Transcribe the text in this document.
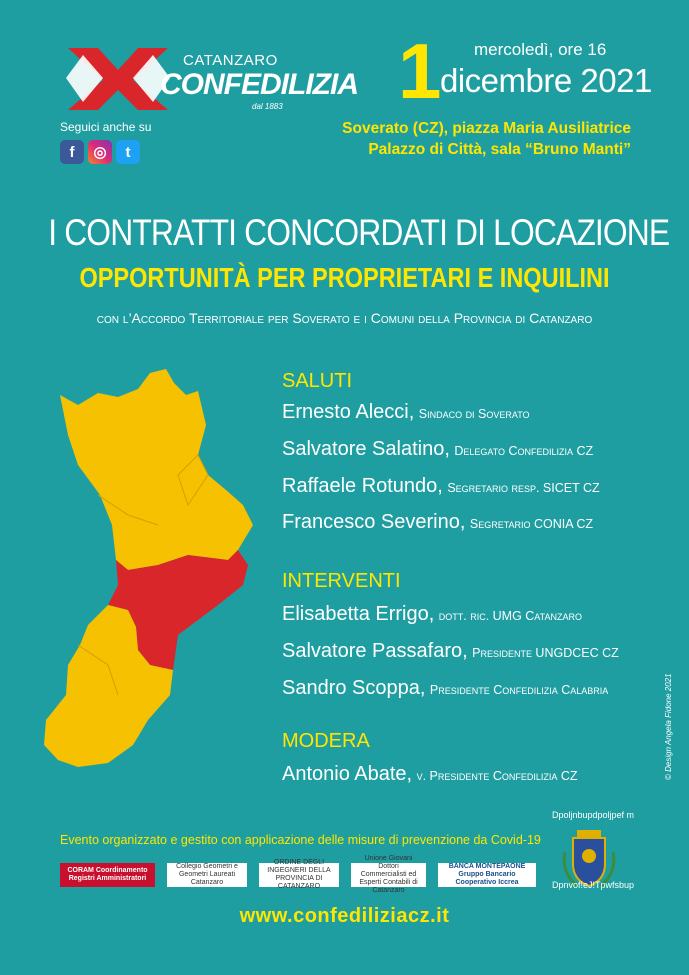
CATANZARO
CONFEDILIZIA
dal 1883
Seguici anche su
f	◎	t
1 mercoledì, ore 16
dicembre 2021
Soverato (CZ), piazza Maria Ausiliatrice
Palazzo di Città, sala “Bruno Manti”
I CONTRATTI CONCORDATI DI LOCAZIONE
OPPORTUNITÀ PER PROPRIETARI E INQUILINI
con l’Accordo Territoriale per Soverato e i Comuni della Provincia di Catanzaro
SALUTI
Ernesto Alecci, Sindaco di Soverato
Salvatore Salatino, Delegato Confedilizia CZ
Raffaele Rotundo, Segretario resp. SICET CZ
Francesco Severino, Segretario CONIA CZ
INTERVENTI
Elisabetta Errigo, dott. ric. UMG Catanzaro
Salvatore Passafaro, Presidente UNGDCEC CZ
Sandro Scoppa, Presidente Confedilizia Calabria
MODERA
Antonio Abate, v. Presidente Confedilizia CZ
Evento organizzato e gestito con applicazione delle misure di prevenzione da Covid-19
CORAM Coordinamento Registri Amministratori
Collegio Geometri e Geometri Laureati Catanzaro
ORDINE DEGLI INGEGNERI DELLA PROVINCIA DI CATANZARO
Unione Giovani Dottori Commercialisti ed Esperti Contabili di Catanzaro
BANCA MONTEPAONE Gruppo Bancario Cooperativo Iccrea
Dpoljnbupdpoljpef m
Dpnvof!eJ!Tpwfsbup
www.confediliziacz.it
© Design Angela Fidone 2021
